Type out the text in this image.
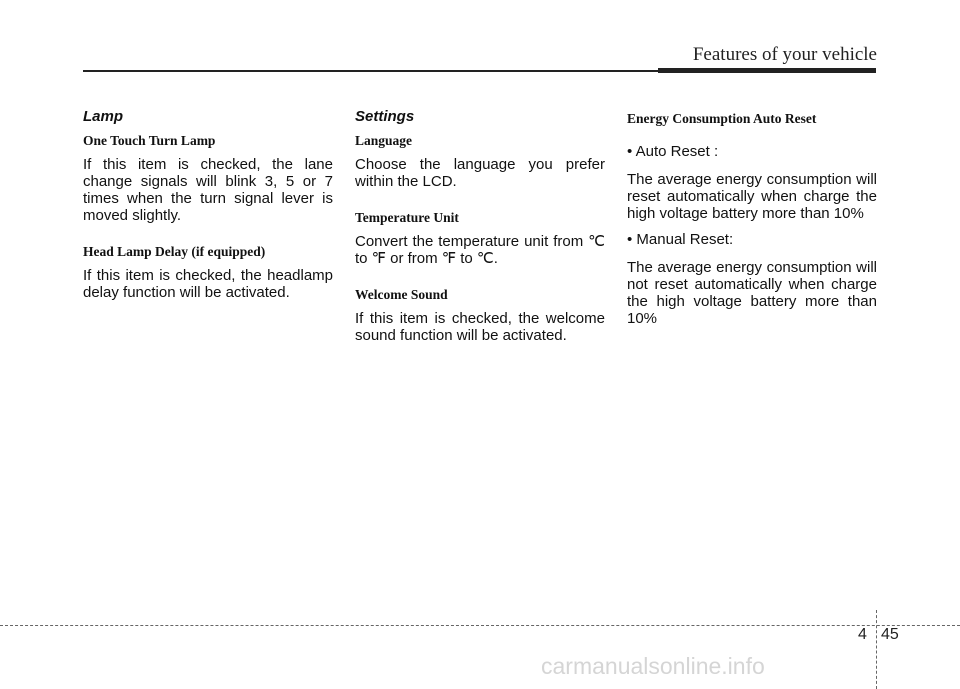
Features of your vehicle
Lamp
One Touch Turn Lamp

If this item is checked, the lane change signals will blink 3, 5 or 7 times when the turn signal lever is moved slightly.

Head Lamp Delay (if equipped)

If this item is checked, the headlamp delay function will be activated.

Settings
Language

Choose the language you prefer within the LCD.

Temperature Unit

Convert the temperature unit from ℃ to ℉ or from ℉ to ℃.

Welcome Sound

If this item is checked, the welcome sound function will be activated.

Energy Consumption Auto Reset
• Auto Reset :

The average energy consumption will reset automatically when charge the high voltage battery more than 10%

• Manual Reset:

The average energy consumption will not reset automatically when charge the high voltage battery more than 10%

4 45
carmanualsonline.info
